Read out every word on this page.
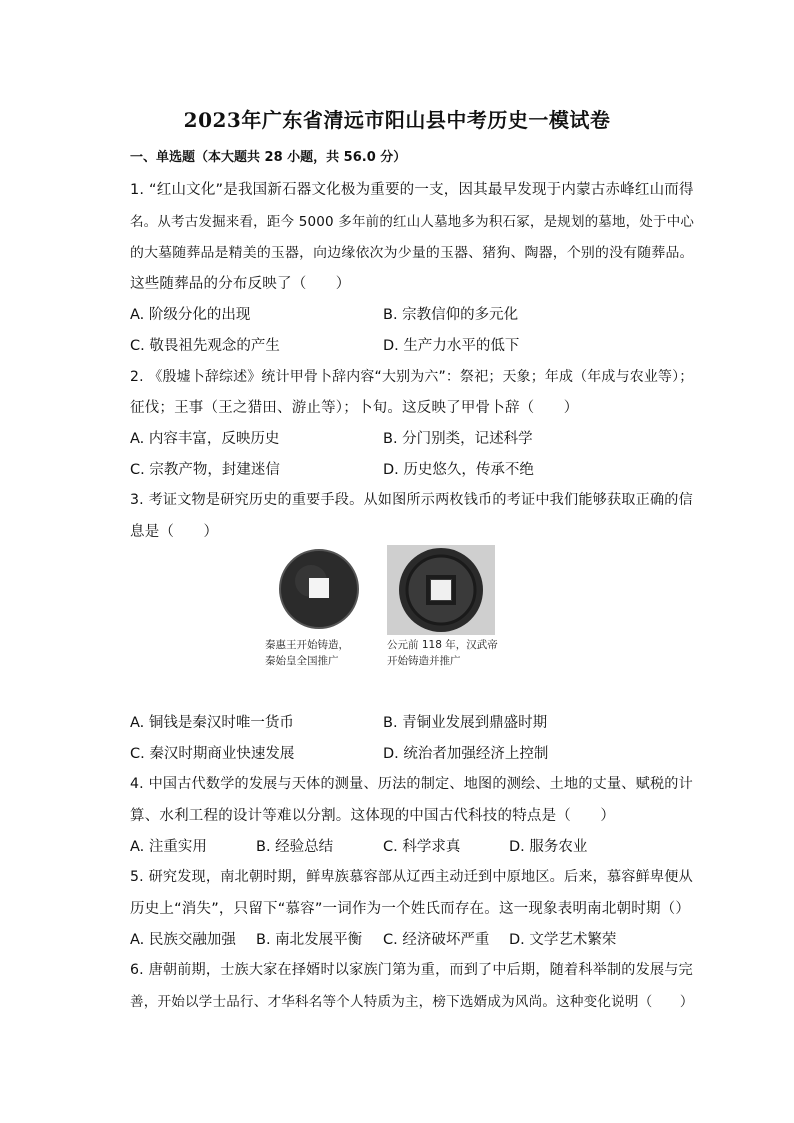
2023年广东省清远市阳山县中考历史一模试卷
一、单选题（本大题共 28 小题，共 56.0 分）
1. “红山文化”是我国新石器文化极为重要的一支，因其最早发现于内蒙古赤峰红山而得
名。从考古发掘来看，距今 5000 多年前的红山人墓地多为积石冢，是规划的墓地，处于中心
的大墓随葬品是精美的玉器，向边缘依次为少量的玉器、猪狗、陶器，个别的没有随葬品。
这些随葬品的分布反映了（　　）
A. 阶级分化的出现	B. 宗教信仰的多元化
C. 敬畏祖先观念的产生	D. 生产力水平的低下
2. 《殷墟卜辞综述》统计甲骨卜辞内容“大别为六”：祭祀；天象；年成（年成与农业等）；
征伐；王事（王之猎田、游止等）；卜旬。这反映了甲骨卜辞（　　）
A. 内容丰富，反映历史	B. 分门别类，记述科学
C. 宗教产物，封建迷信	D. 历史悠久，传承不绝
3. 考证文物是研究历史的重要手段。从如图所示两枚钱币的考证中我们能够获取正确的信
息是（　　）
秦惠王开始铸造，
秦始皇全国推广
公元前 118 年，汉武帝
开始铸造并推广
A. 铜钱是秦汉时唯一货币	B. 青铜业发展到鼎盛时期
C. 秦汉时期商业快速发展	D. 统治者加强经济上控制
4. 中国古代数学的发展与天体的测量、历法的制定、地图的测绘、土地的丈量、赋税的计
算、水利工程的设计等难以分割。这体现的中国古代科技的特点是（　　）
A. 注重实用	B. 经验总结	C. 科学求真	D. 服务农业
5. 研究发现，南北朝时期，鲜卑族慕容部从辽西主动迁到中原地区。后来，慕容鲜卑便从
历史上“消失”，只留下“慕容”一词作为一个姓氏而存在。这一现象表明南北朝时期（）
A. 民族交融加强 B. 南北发展平衡 C. 经济破坏严重 D. 文学艺术繁荣
6. 唐朝前期，士族大家在择婿时以家族门第为重，而到了中后期，随着科举制的发展与完
善，开始以学士品行、才华科名等个人特质为主，榜下选婿成为风尚。这种变化说明（　　）
